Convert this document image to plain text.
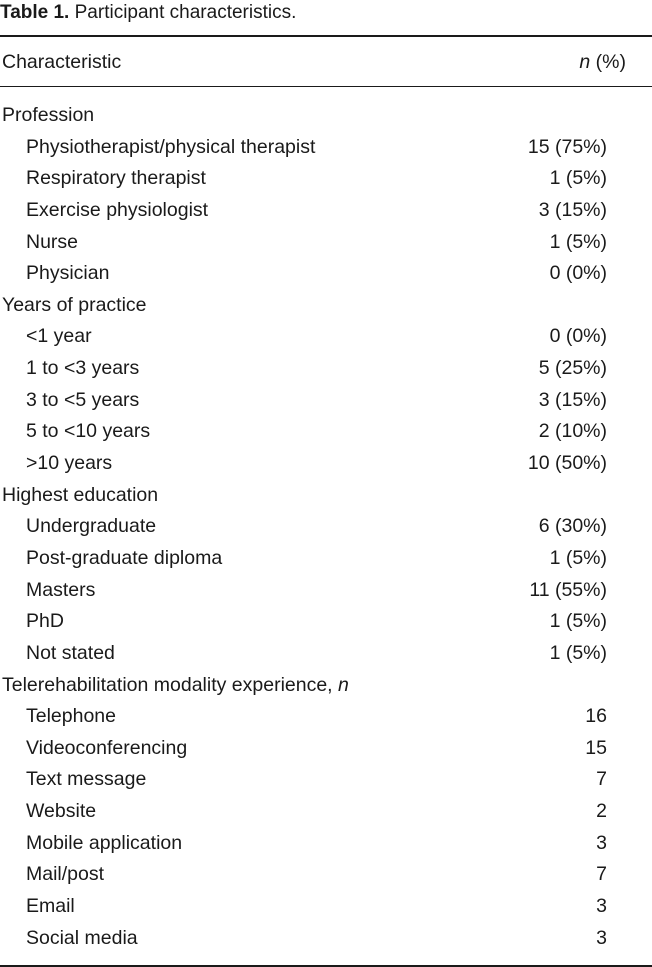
Table 1. Participant characteristics.
Characteristic	n (%)
Profession
Physiotherapist/physical therapist	15 (75%)
Respiratory therapist	1 (5%)
Exercise physiologist	3 (15%)
Nurse	1 (5%)
Physician	0 (0%)
Years of practice
<1 year	0 (0%)
1 to <3 years	5 (25%)
3 to <5 years	3 (15%)
5 to <10 years	2 (10%)
>10 years	10 (50%)
Highest education
Undergraduate	6 (30%)
Post-graduate diploma	1 (5%)
Masters	11 (55%)
PhD	1 (5%)
Not stated	1 (5%)
Telerehabilitation modality experience, n
Telephone	16
Videoconferencing	15
Text message	7
Website	2
Mobile application	3
Mail/post	7
Email	3
Social media	3
